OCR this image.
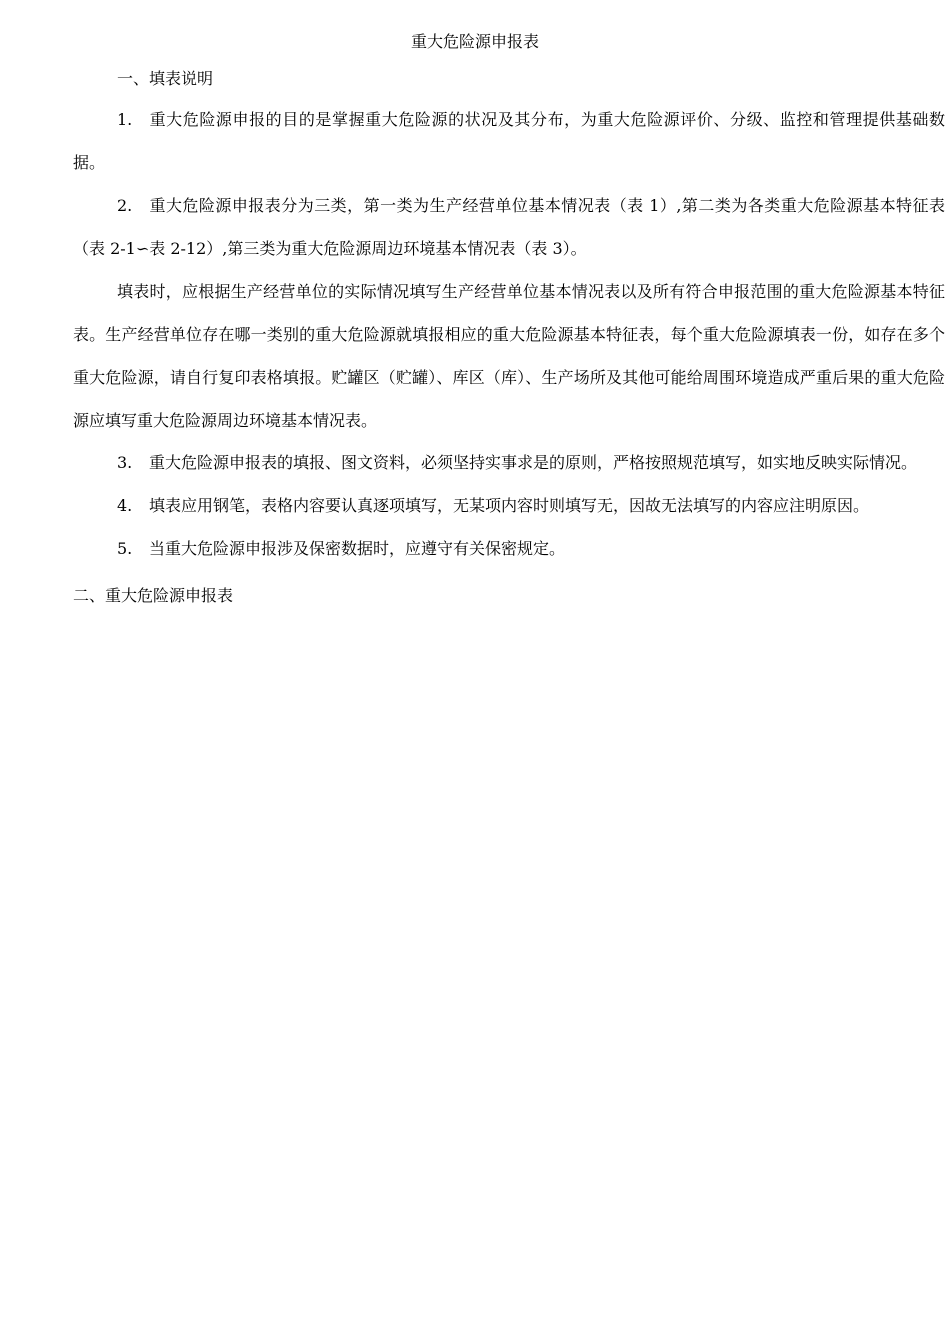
重大危险源申报表
一、填表说明

1. 重大危险源申报的目的是掌握重大危险源的状况及其分布，为重大危险源评价、分级、监控和管理提供基础数据。

2. 重大危险源申报表分为三类，第一类为生产经营单位基本情况表（表 1）,第二类为各类重大危险源基本特征表（表 2-1∽表 2-12）,第三类为重大危险源周边环境基本情况表（表 3）。

填表时，应根据生产经营单位的实际情况填写生产经营单位基本情况表以及所有符合申报范围的重大危险源基本特征表。生产经营单位存在哪一类别的重大危险源就填报相应的重大危险源基本特征表，每个重大危险源填表一份，如存在多个重大危险源，请自行复印表格填报。贮罐区（贮罐）、库区（库）、生产场所及其他可能给周围环境造成严重后果的重大危险源应填写重大危险源周边环境基本情况表。

3. 重大危险源申报表的填报、图文资料，必须坚持实事求是的原则，严格按照规范填写，如实地反映实际情况。

4. 填表应用钢笔，表格内容要认真逐项填写，无某项内容时则填写无，因故无法填写的内容应注明原因。

5. 当重大危险源申报涉及保密数据时，应遵守有关保密规定。

二、重大危险源申报表
